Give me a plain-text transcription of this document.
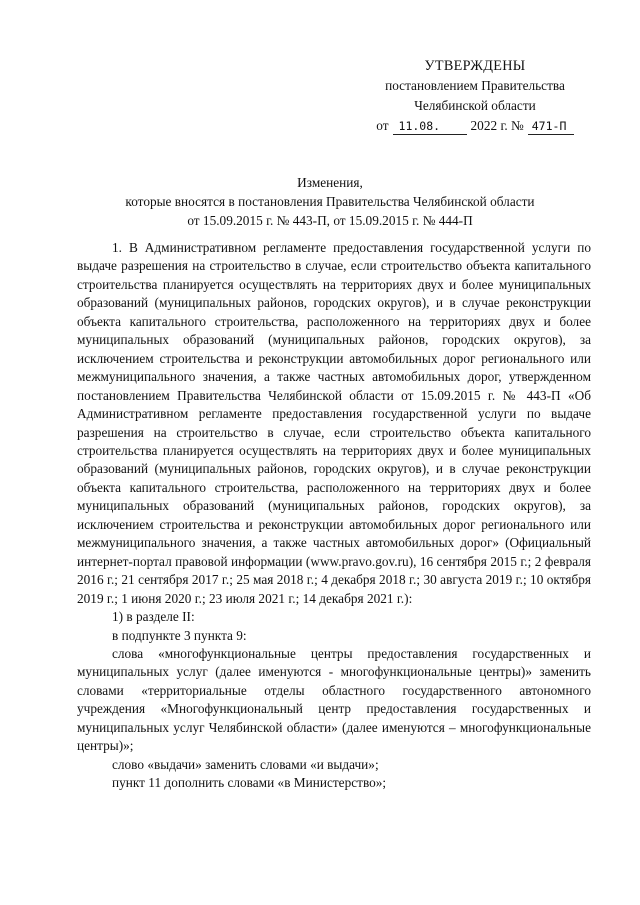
УТВЕРЖДЕНЫ
постановлением Правительства
Челябинской области
от 11.08.	2022 г. № 471-П
Изменения,
которые вносятся в постановления Правительства Челябинской области
от 15.09.2015 г. № 443-П, от 15.09.2015 г. № 444-П

1. В Административном регламенте предоставления государственной услуги по выдаче разрешения на строительство в случае, если строительство объекта капитального строительства планируется осуществлять на территориях двух и более муниципальных образований (муниципальных районов, городских округов), и в случае реконструкции объекта капитального строительства, расположенного на территориях двух и более муниципальных образований (муниципальных районов, городских округов), за исключением строительства и реконструкции автомобильных дорог регионального или межмуниципального значения, а также частных автомобильных дорог, утвержденном постановлением Правительства Челябинской области от 15.09.2015 г. № 443-П «Об Административном регламенте предоставления государственной услуги по выдаче разрешения на строительство в случае, если строительство объекта капитального строительства планируется осуществлять на территориях двух и более муниципальных образований (муниципальных районов, городских округов), и в случае реконструкции объекта капитального строительства, расположенного на территориях двух и более муниципальных образований (муниципальных районов, городских округов), за исключением строительства и реконструкции автомобильных дорог регионального или межмуниципального значения, а также частных автомобильных дорог» (Официальный интернет-портал правовой информации (www.pravo.gov.ru), 16 сентября 2015 г.; 2 февраля 2016 г.; 21 сентября 2017 г.; 25 мая 2018 г.; 4 декабря 2018 г.; 30 августа 2019 г.; 10 октября 2019 г.; 1 июня 2020 г.; 23 июля 2021 г.; 14 декабря 2021 г.):

1) в разделе II:

в подпункте 3 пункта 9:

слова «многофункциональные центры предоставления государственных и муниципальных услуг (далее именуются - многофункциональные центры)» заменить словами «территориальные отделы областного государственного автономного учреждения «Многофункциональный центр предоставления государственных и муниципальных услуг Челябинской области» (далее именуются – многофункциональные центры)»;

слово «выдачи» заменить словами «и выдачи»;

пункт 11 дополнить словами «в Министерство»;
